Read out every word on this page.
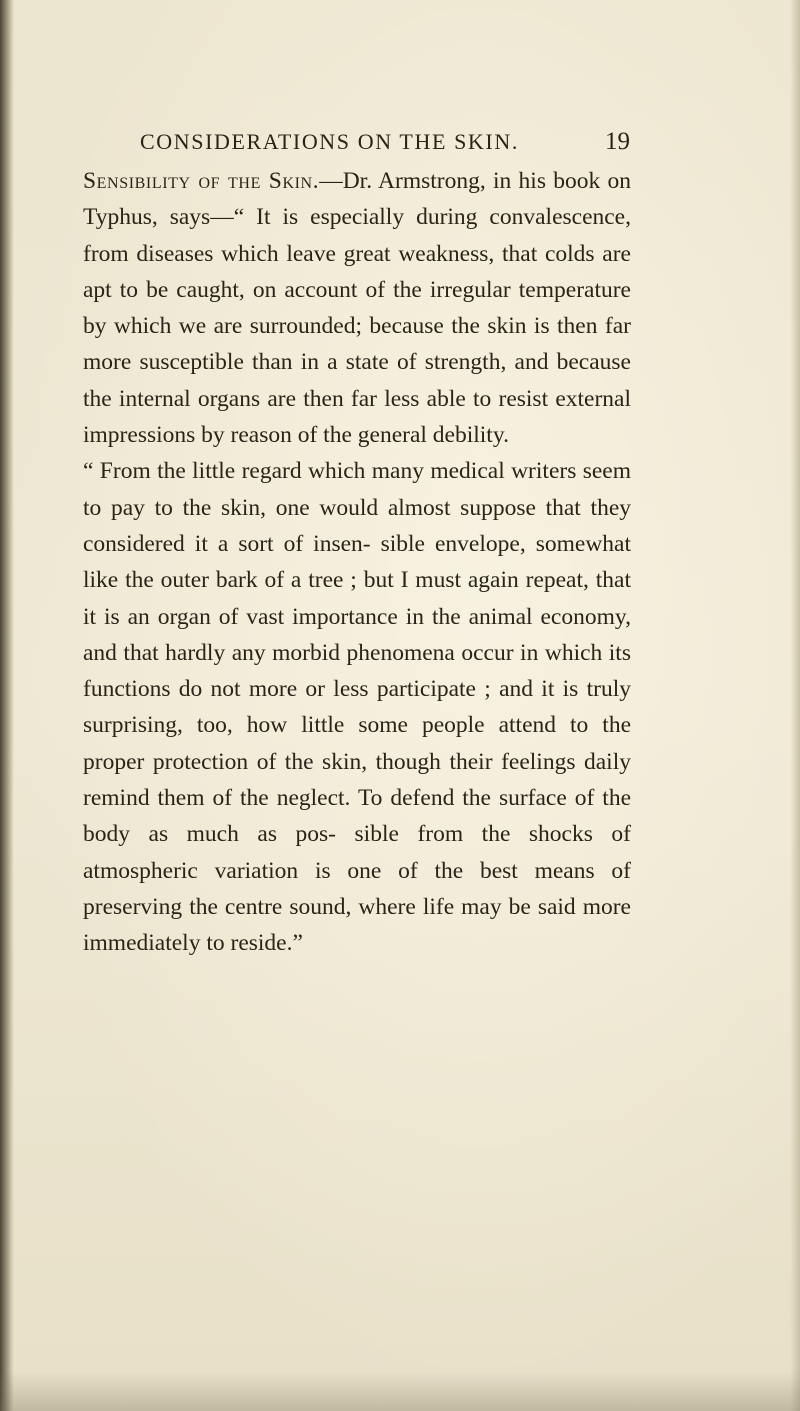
CONSIDERATIONS ON THE SKIN.	19

Sensibility of the Skin.—Dr. Armstrong, in his book on Typhus, says—“ It is especially during convalescence, from diseases which leave great weakness, that colds are apt to be caught, on account of the irregular temperature by which we are surrounded; because the skin is then far more susceptible than in a state of strength, and because the internal organs are then far less able to resist external impressions by reason of the general debility.

“ From the little regard which many medical writers seem to pay to the skin, one would almost suppose that they considered it a sort of insen- sible envelope, somewhat like the outer bark of a tree ; but I must again repeat, that it is an organ of vast importance in the animal economy, and that hardly any morbid phenomena occur in which its functions do not more or less participate ; and it is truly surprising, too, how little some people attend to the proper protection of the skin, though their feelings daily remind them of the neglect. To defend the surface of the body as much as pos- sible from the shocks of atmospheric variation is one of the best means of preserving the centre sound, where life may be said more immediately to reside.”
